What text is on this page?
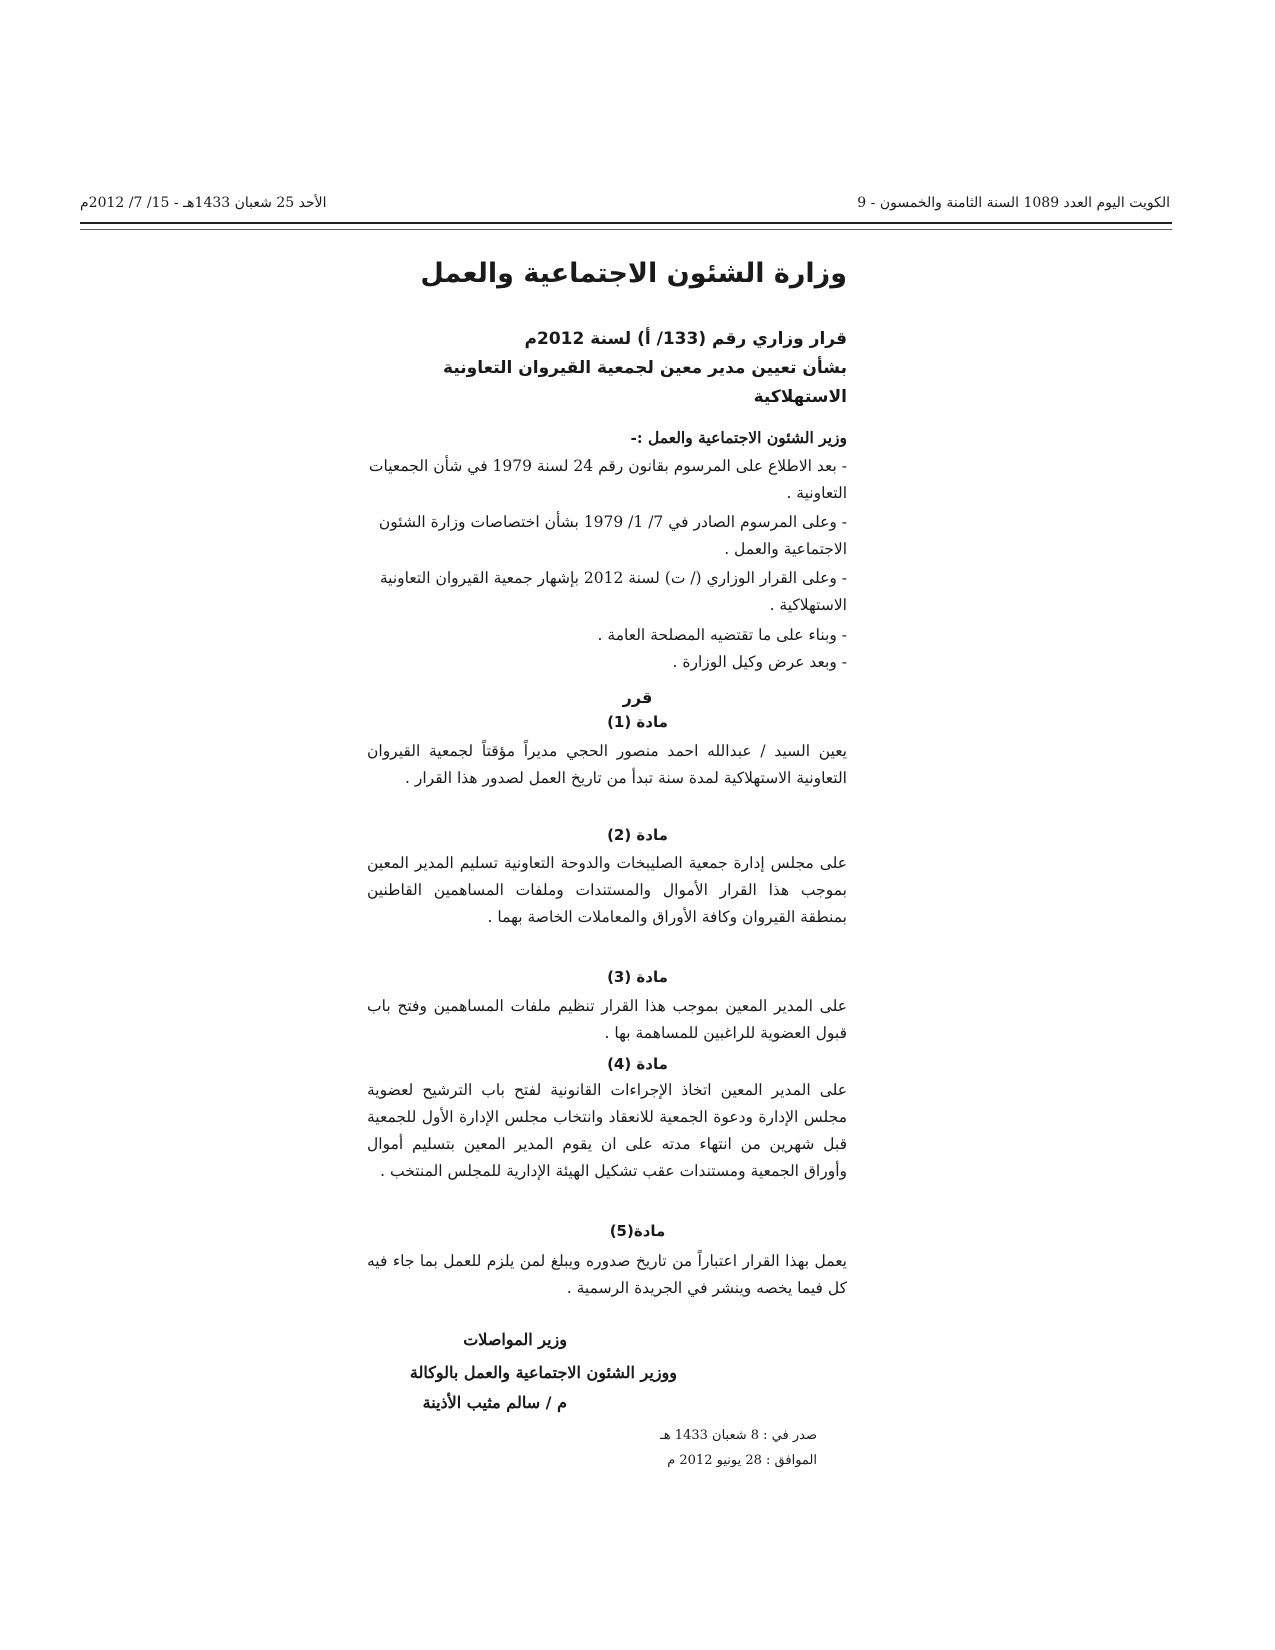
الكويت اليوم العدد 1089 السنة الثامنة والخمسون - 9
الأحد 25 شعبان 1433هـ - 15/ 7/ 2012م
وزارة الشئون الاجتماعية والعمل
قرار وزاري رقم (133/ أ) لسنة 2012م
بشأن تعيين مدير معين لجمعية القيروان التعاونية
الاستهلاكية
وزير الشئون الاجتماعية والعمل :-
- بعد الاطلاع على المرسوم بقانون رقم 24 لسنة 1979 في شأن الجمعيات التعاونية .
- وعلى المرسوم الصادر في 7/ 1/ 1979 بشأن اختصاصات وزارة الشئون الاجتماعية والعمل .
- وعلى القرار الوزاري (/ ت) لسنة 2012 بإشهار جمعية القيروان التعاونية الاستهلاكية .
- وبناء على ما تقتضيه المصلحة العامة .
- وبعد عرض وكيل الوزارة .
قرر
مادة (1)
يعين السيد / عبدالله احمد منصور الحجي مديراً مؤقتاً لجمعية القيروان التعاونية الاستهلاكية لمدة سنة تبدأ من تاريخ العمل لصدور هذا القرار .
مادة (2)
على مجلس إدارة جمعية الصليبخات والدوحة التعاونية تسليم المدير المعين بموجب هذا القرار الأموال والمستندات وملفات المساهمين القاطنين بمنطقة القيروان وكافة الأوراق والمعاملات الخاصة بهما .
مادة (3)
على المدير المعين بموجب هذا القرار تنظيم ملفات المساهمين وفتح باب قبول العضوية للراغبين للمساهمة بها .
مادة (4)
على المدير المعين اتخاذ الإجراءات القانونية لفتح باب الترشيح لعضوية مجلس الإدارة ودعوة الجمعية للانعقاد وانتخاب مجلس الإدارة الأول للجمعية قبل شهرين من انتهاء مدته على ان يقوم المدير المعين بتسليم أموال وأوراق الجمعية ومستندات عقب تشكيل الهيئة الإدارية للمجلس المنتخب .
مادة(5)
يعمل بهذا القرار اعتباراً من تاريخ صدوره ويبلغ لمن يلزم للعمل بما جاء فيه كل فيما يخصه وينشر في الجريدة الرسمية .
وزير المواصلات
ووزير الشئون الاجتماعية والعمل بالوكالة
م / سالم مثيب الأذينة
صدر في : 8 شعبان 1433 هـ
الموافق : 28 يونيو 2012 م
